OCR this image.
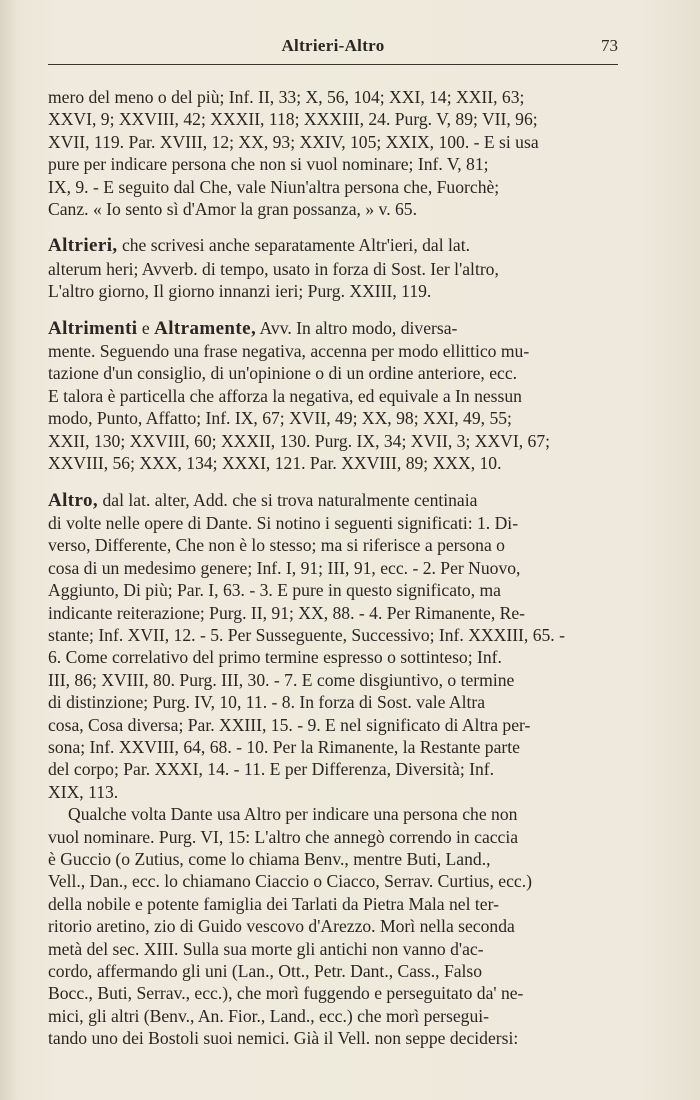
Altrieri-Altro	73

mero del meno o del più; Inf. II, 33; X, 56, 104; XXI, 14; XXII, 63;
XXVI, 9; XXVIII, 42; XXXII, 118; XXXIII, 24. Purg. V, 89; VII, 96;
XVII, 119. Par. XVIII, 12; XX, 93; XXIV, 105; XXIX, 100. - E si usa
pure per indicare persona che non si vuol nominare; Inf. V, 81;
IX, 9. - E seguito dal Che, vale Niun'altra persona che, Fuorchè;
Canz. « Io sento sì d'Amor la gran possanza, » v. 65.

Altrieri, che scrivesi anche separatamente Altr'ieri, dal lat.
alterum heri; Avverb. di tempo, usato in forza di Sost. Ier l'altro,
L'altro giorno, Il giorno innanzi ieri; Purg. XXIII, 119.

Altrimenti e Altramente, Avv. In altro modo, diversa-
mente. Seguendo una frase negativa, accenna per modo ellittico mu-
tazione d'un consiglio, di un'opinione o di un ordine anteriore, ecc.
E talora è particella che afforza la negativa, ed equivale a In nessun
modo, Punto, Affatto; Inf. IX, 67; XVII, 49; XX, 98; XXI, 49, 55;
XXII, 130; XXVIII, 60; XXXII, 130. Purg. IX, 34; XVII, 3; XXVI, 67;
XXVIII, 56; XXX, 134; XXXI, 121. Par. XXVIII, 89; XXX, 10.

Altro, dal lat. alter, Add. che si trova naturalmente centinaia
di volte nelle opere di Dante. Si notino i seguenti significati: 1. Di-
verso, Differente, Che non è lo stesso; ma si riferisce a persona o
cosa di un medesimo genere; Inf. I, 91; III, 91, ecc. - 2. Per Nuovo,
Aggiunto, Di più; Par. I, 63. - 3. E pure in questo significato, ma
indicante reiterazione; Purg. II, 91; XX, 88. - 4. Per Rimanente, Re-
stante; Inf. XVII, 12. - 5. Per Susseguente, Successivo; Inf. XXXIII, 65. -
6. Come correlativo del primo termine espresso o sottinteso; Inf.
III, 86; XVIII, 80. Purg. III, 30. - 7. E come disgiuntivo, o termine
di distinzione; Purg. IV, 10, 11. - 8. In forza di Sost. vale Altra
cosa, Cosa diversa; Par. XXIII, 15. - 9. E nel significato di Altra per-
sona; Inf. XXVIII, 64, 68. - 10. Per la Rimanente, la Restante parte
del corpo; Par. XXXI, 14. - 11. E per Differenza, Diversità; Inf.
XIX, 113.

Qualche volta Dante usa Altro per indicare una persona che non
vuol nominare. Purg. VI, 15: L'altro che annegò correndo in caccia
è Guccio (o Zutius, come lo chiama Benv., mentre Buti, Land.,
Vell., Dan., ecc. lo chiamano Ciaccio o Ciacco, Serrav. Curtius, ecc.)
della nobile e potente famiglia dei Tarlati da Pietra Mala nel ter-
ritorio aretino, zio di Guido vescovo d'Arezzo. Morì nella seconda
metà del sec. XIII. Sulla sua morte gli antichi non vanno d'ac-
cordo, affermando gli uni (Lan., Ott., Petr. Dant., Cass., Falso
Bocc., Buti, Serrav., ecc.), che morì fuggendo e perseguitato da' ne-
mici, gli altri (Benv., An. Fior., Land., ecc.) che morì persegui-
tando uno dei Bostoli suoi nemici. Già il Vell. non seppe decidersi:
